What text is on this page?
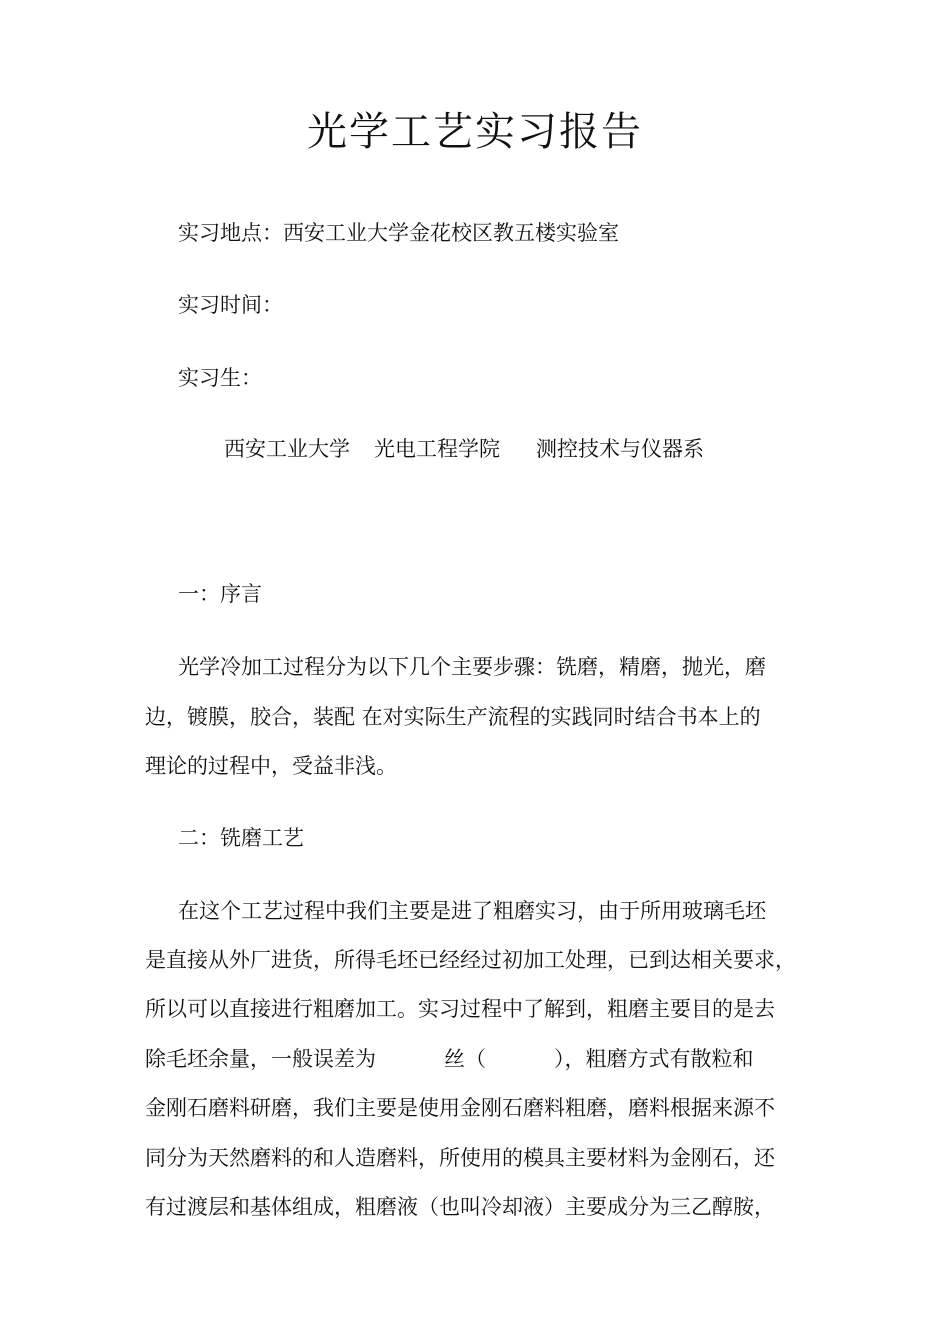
光学工艺实习报告
实习地点：西安工业大学金花校区教五楼实验室
实习时间：
实习生：
西安工业大学 光电工程学院 测控技术与仪器系
一：序言
光学冷加工过程分为以下几个主要步骤：铣磨，精磨，抛光，磨
边，镀膜，胶合，装配 在对实际生产流程的实践同时结合书本上的
理论的过程中，受益非浅。
二：铣磨工艺
在这个工艺过程中我们主要是进了粗磨实习，由于所用玻璃毛坯
是直接从外厂进货，所得毛坯已经经过初加工处理，已到达相关要求，
所以可以直接进行粗磨加工。实习过程中了解到，粗磨主要目的是去
除毛坯余量，一般误差为	丝（	），粗磨方式有散粒和
金刚石磨料研磨，我们主要是使用金刚石磨料粗磨，磨料根据来源不
同分为天然磨料的和人造磨料，所使用的模具主要材料为金刚石，还
有过渡层和基体组成，粗磨液（也叫冷却液）主要成分为三乙醇胺，
